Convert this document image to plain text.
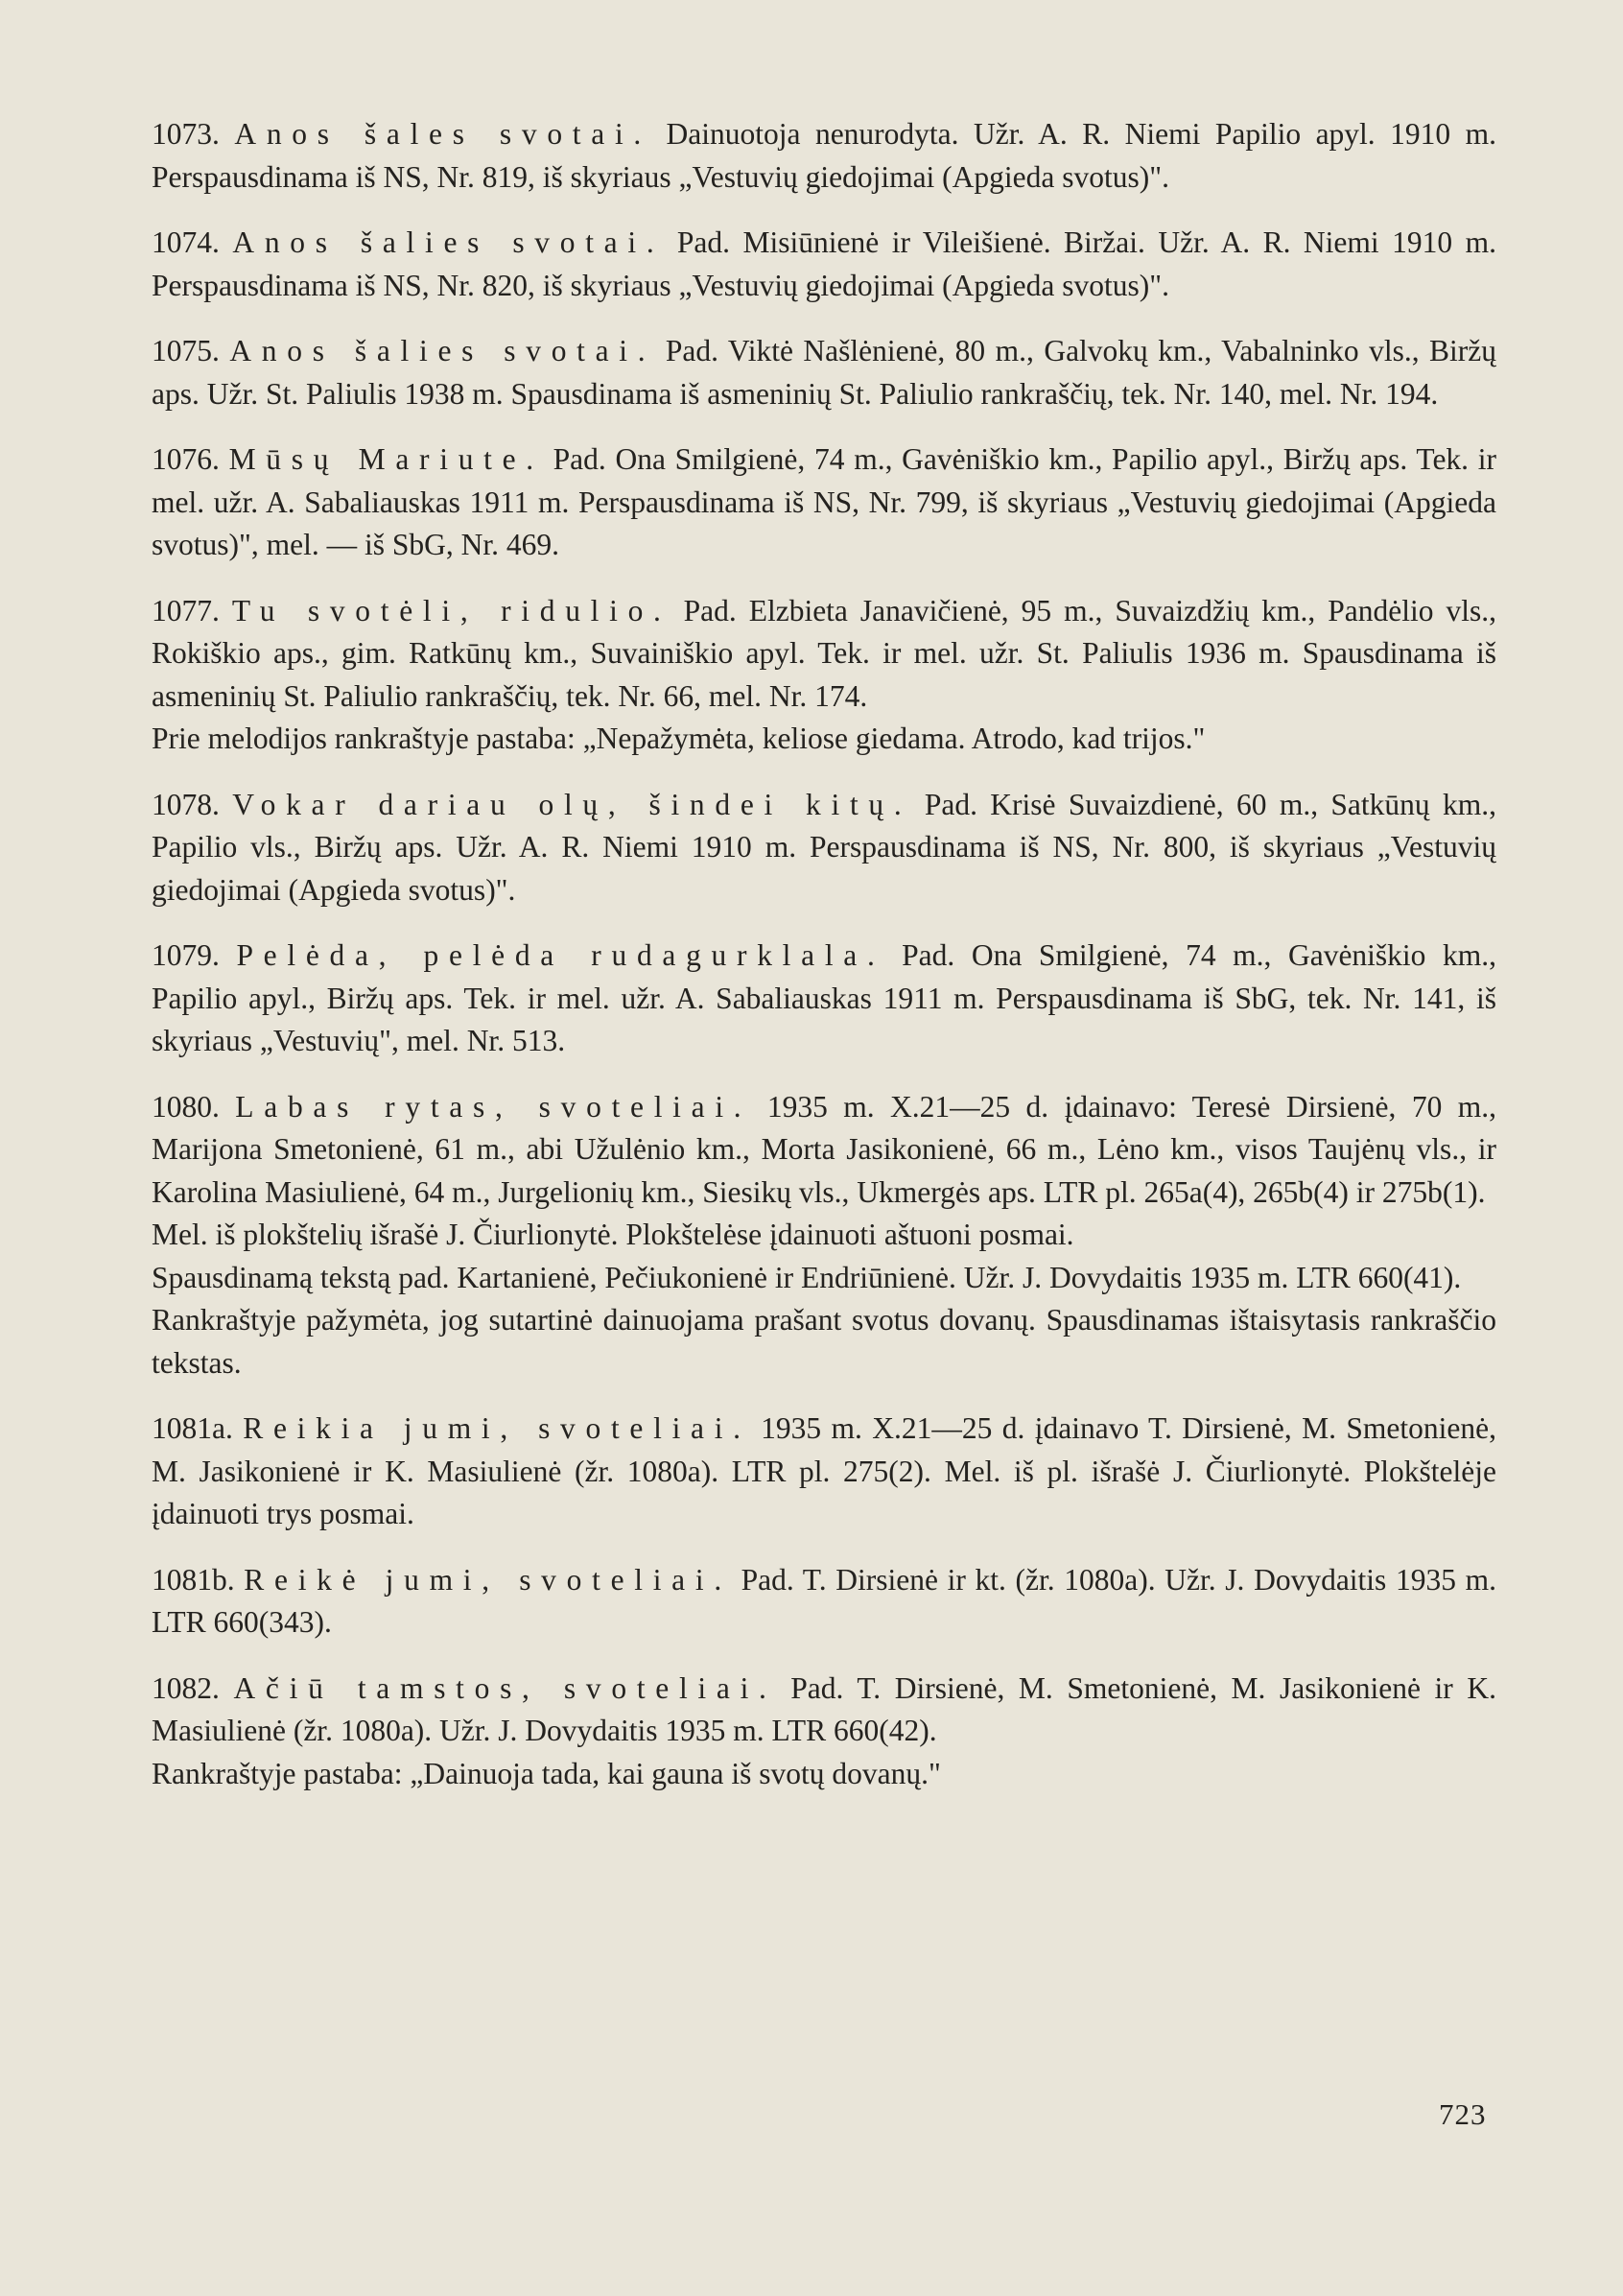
1073. Anos šales svotai. Dainuotoja nenurodyta. Užr. A. R. Niemi Papilio apyl. 1910 m. Perspausdinama iš NS, Nr. 819, iš skyriaus „Vestuvių giedojimai (Apgieda svotus)".

1074. Anos šalies svotai. Pad. Misiūnienė ir Vileišienė. Biržai. Užr. A. R. Niemi 1910 m. Perspausdinama iš NS, Nr. 820, iš skyriaus „Vestuvių giedojimai (Apgieda svotus)".

1075. Anos šalies svotai. Pad. Viktė Našlėnienė, 80 m., Galvokų km., Vabalninko vls., Biržų aps. Užr. St. Paliulis 1938 m. Spausdinama iš asmeninių St. Paliulio rankraščių, tek. Nr. 140, mel. Nr. 194.

1076. Mūsų Mariute. Pad. Ona Smilgienė, 74 m., Gavėniškio km., Papilio apyl., Biržų aps. Tek. ir mel. užr. A. Sabaliauskas 1911 m. Perspausdinama iš NS, Nr. 799, iš skyriaus „Vestuvių giedojimai (Apgieda svotus)", mel. — iš SbG, Nr. 469.

1077. Tu svotėli, ridulio. Pad. Elzbieta Janavičienė, 95 m., Suvaizdžių km., Pandėlio vls., Rokiškio aps., gim. Ratkūnų km., Suvainiškio apyl. Tek. ir mel. užr. St. Paliulis 1936 m. Spausdinama iš asmeninių St. Paliulio rankraščių, tek. Nr. 66, mel. Nr. 174.

Prie melodijos rankraštyje pastaba: „Nepažymėta, keliose giedama. Atrodo, kad trijos."

1078. Vokar dariau olų, šindei kitų. Pad. Krisė Suvaizdienė, 60 m., Satkūnų km., Papilio vls., Biržų aps. Užr. A. R. Niemi 1910 m. Perspausdinama iš NS, Nr. 800, iš skyriaus „Vestuvių giedojimai (Apgieda svotus)".

1079. Pelėda, pelėda rudagurklala. Pad. Ona Smilgienė, 74 m., Gavėniškio km., Papilio apyl., Biržų aps. Tek. ir mel. užr. A. Sabaliauskas 1911 m. Perspausdinama iš SbG, tek. Nr. 141, iš skyriaus „Vestuvių", mel. Nr. 513.

1080. Labas rytas, svoteliai. 1935 m. X.21—25 d. įdainavo: Teresė Dirsienė, 70 m., Marijona Smetonienė, 61 m., abi Užulėnio km., Morta Jasikonienė, 66 m., Lėno km., visos Taujėnų vls., ir Karolina Masiulienė, 64 m., Jurgelionių km., Siesikų vls., Ukmergės aps. LTR pl. 265a(4), 265b(4) ir 275b(1).

Mel. iš plokštelių išrašė J. Čiurlionytė. Plokštelėse įdainuoti aštuoni posmai.

Spausdinamą tekstą pad. Kartanienė, Pečiukonienė ir Endriūnienė. Užr. J. Dovydaitis 1935 m. LTR 660(41).

Rankraštyje pažymėta, jog sutartinė dainuojama prašant svotus dovanų. Spausdinamas ištaisytasis rankraščio tekstas.

1081a. Reikia jumi, svoteliai. 1935 m. X.21—25 d. įdainavo T. Dirsienė, M. Smetonienė, M. Jasikonienė ir K. Masiulienė (žr. 1080a). LTR pl. 275(2). Mel. iš pl. išrašė J. Čiurlionytė. Plokštelėje įdainuoti trys posmai.

1081b. Reikė jumi, svoteliai. Pad. T. Dirsienė ir kt. (žr. 1080a). Užr. J. Dovydaitis 1935 m. LTR 660(343).

1082. Ačiū tamstos, svoteliai. Pad. T. Dirsienė, M. Smetonienė, M. Jasikonienė ir K. Masiulienė (žr. 1080a). Užr. J. Dovydaitis 1935 m. LTR 660(42).

Rankraštyje pastaba: „Dainuoja tada, kai gauna iš svotų dovanų."

723
